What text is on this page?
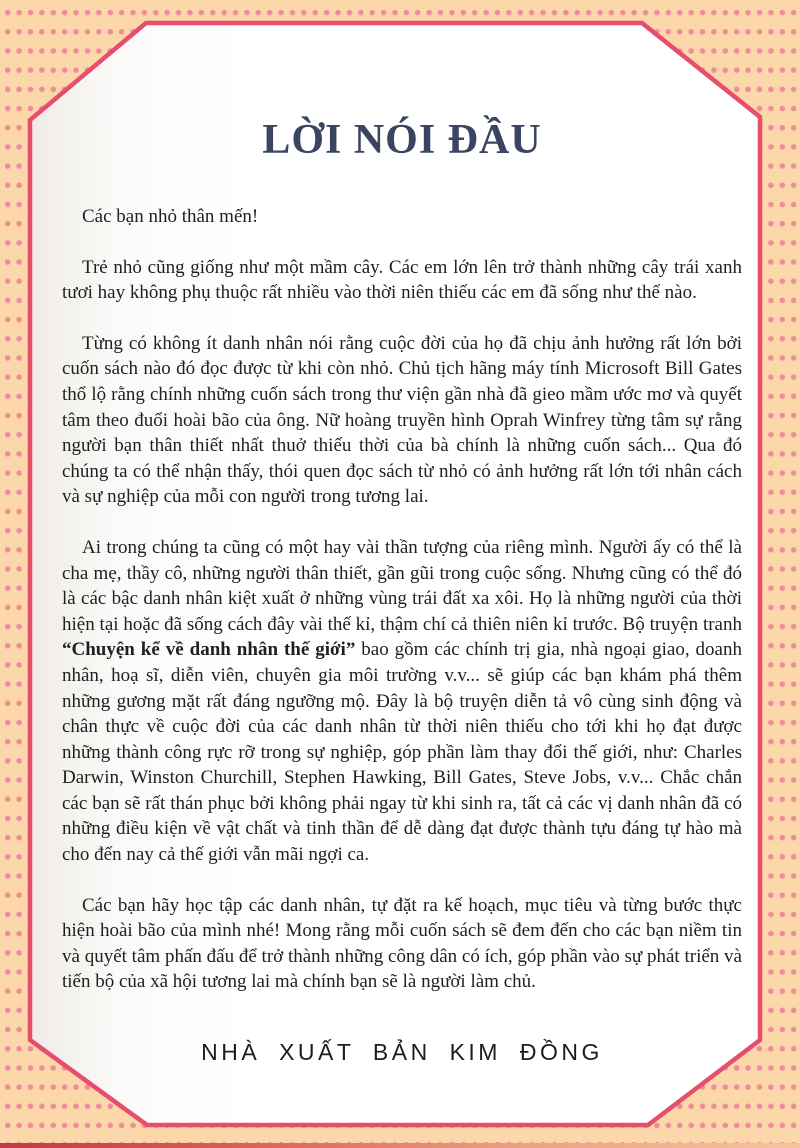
LỜI NÓI ĐẦU

Các bạn nhỏ thân mến!

Trẻ nhỏ cũng giống như một mầm cây. Các em lớn lên trở thành những cây trái xanh tươi hay không phụ thuộc rất nhiều vào thời niên thiếu các em đã sống như thế nào.

Từng có không ít danh nhân nói rằng cuộc đời của họ đã chịu ảnh hưởng rất lớn bởi cuốn sách nào đó đọc được từ khi còn nhỏ. Chủ tịch hãng máy tính Microsoft Bill Gates thổ lộ rằng chính những cuốn sách trong thư viện gần nhà đã gieo mầm ước mơ và quyết tâm theo đuổi hoài bão của ông. Nữ hoàng truyền hình Oprah Winfrey từng tâm sự rằng người bạn thân thiết nhất thuở thiếu thời của bà chính là những cuốn sách... Qua đó chúng ta có thể nhận thấy, thói quen đọc sách từ nhỏ có ảnh hưởng rất lớn tới nhân cách và sự nghiệp của mỗi con người trong tương lai.

Ai trong chúng ta cũng có một hay vài thần tượng của riêng mình. Người ấy có thể là cha mẹ, thầy cô, những người thân thiết, gần gũi trong cuộc sống. Nhưng cũng có thể đó là các bậc danh nhân kiệt xuất ở những vùng trái đất xa xôi. Họ là những người của thời hiện tại hoặc đã sống cách đây vài thế kỉ, thậm chí cả thiên niên kỉ trước. Bộ truyện tranh “Chuyện kể về danh nhân thế giới” bao gồm các chính trị gia, nhà ngoại giao, doanh nhân, hoạ sĩ, diễn viên, chuyên gia môi trường v.v... sẽ giúp các bạn khám phá thêm những gương mặt rất đáng ngưỡng mộ. Đây là bộ truyện diễn tả vô cùng sinh động và chân thực về cuộc đời của các danh nhân từ thời niên thiếu cho tới khi họ đạt được những thành công rực rỡ trong sự nghiệp, góp phần làm thay đổi thế giới, như: Charles Darwin, Winston Churchill, Stephen Hawking, Bill Gates, Steve Jobs, v.v... Chắc chắn các bạn sẽ rất thán phục bởi không phải ngay từ khi sinh ra, tất cả các vị danh nhân đã có những điều kiện về vật chất và tinh thần để dễ dàng đạt được thành tựu đáng tự hào mà cho đến nay cả thế giới vẫn mãi ngợi ca.

Các bạn hãy học tập các danh nhân, tự đặt ra kế hoạch, mục tiêu và từng bước thực hiện hoài bão của mình nhé! Mong rằng mỗi cuốn sách sẽ đem đến cho các bạn niềm tin và quyết tâm phấn đấu để trở thành những công dân có ích, góp phần vào sự phát triển và tiến bộ của xã hội tương lai mà chính bạn sẽ là người làm chủ.

NHÀ XUẤT BẢN KIM ĐỒNG
